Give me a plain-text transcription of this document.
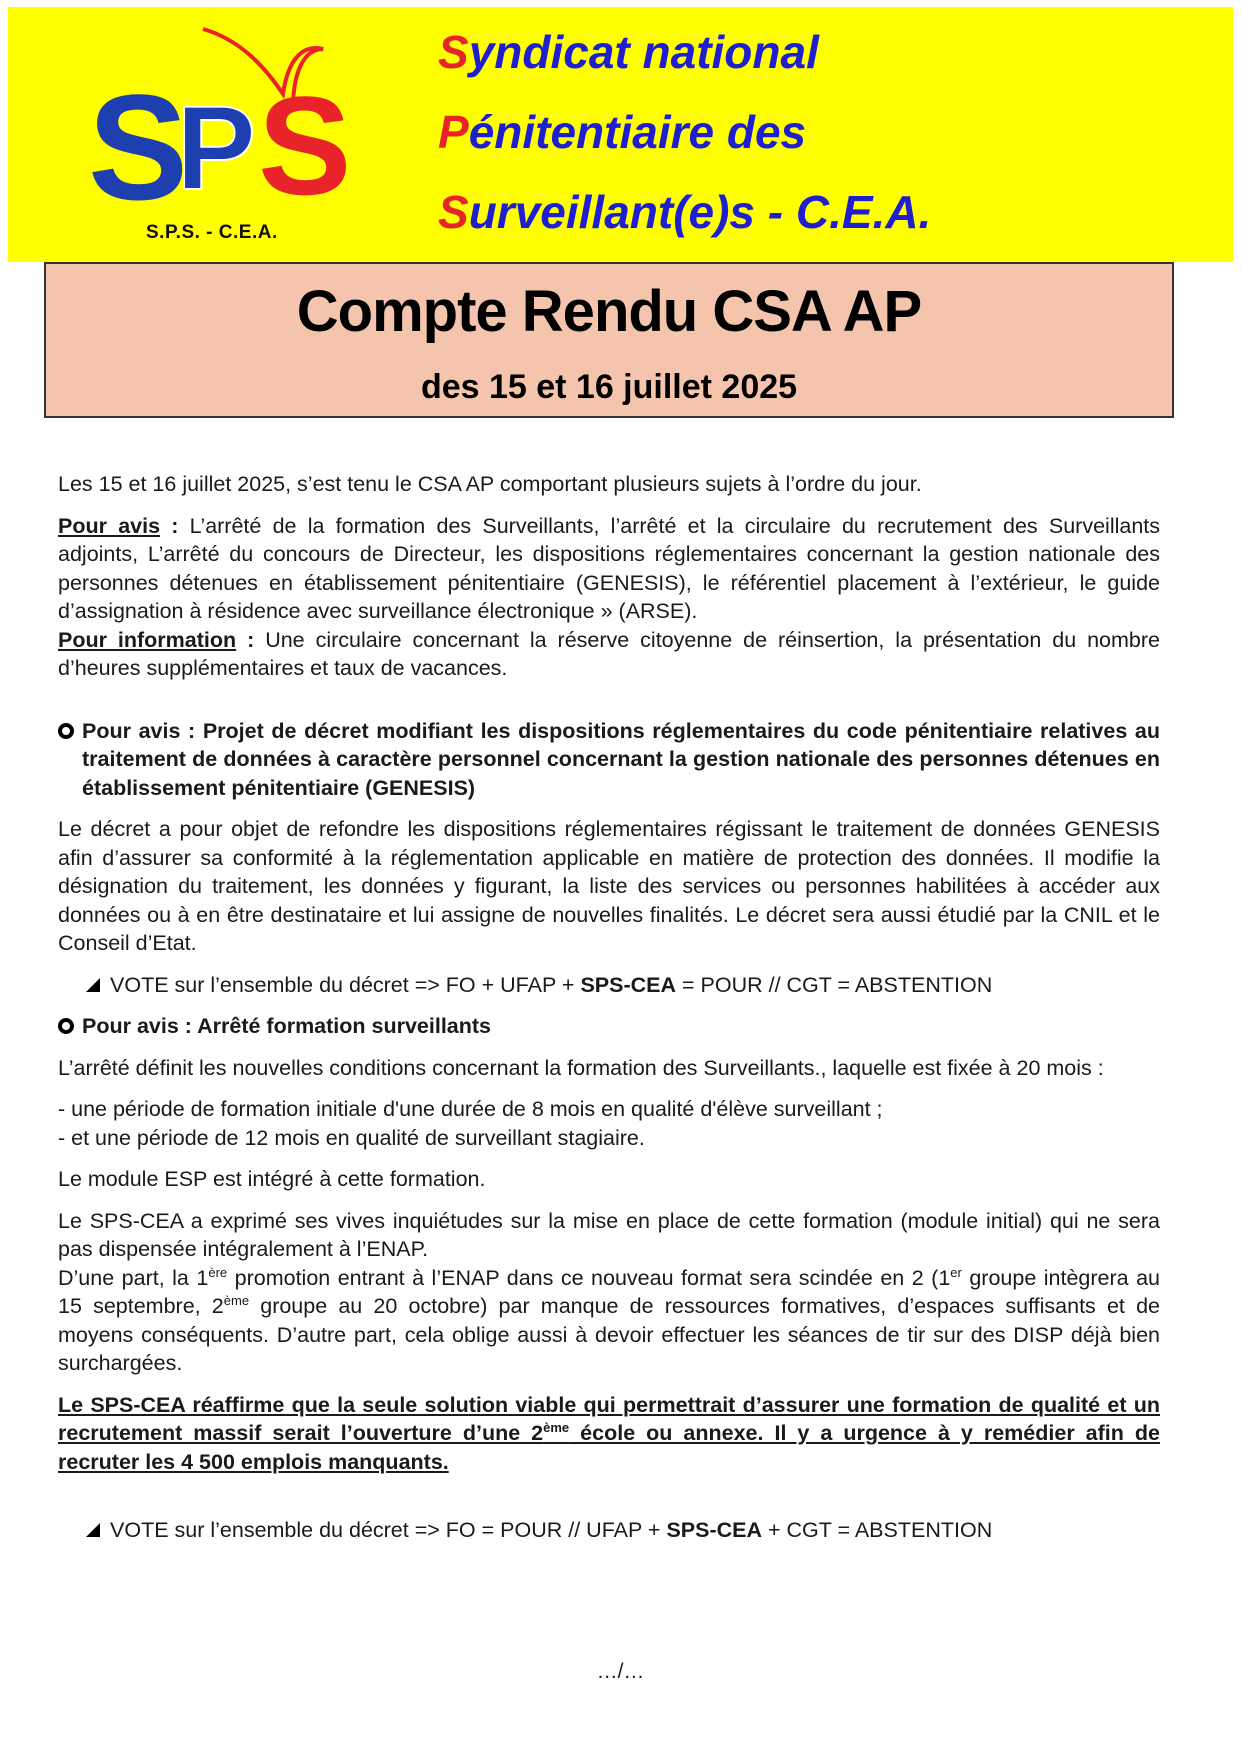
S
P S
S.P.S. - C.E.A.
Syndicat national
Pénitentiaire des
Surveillant(e)s - C.E.A.
Compte Rendu CSA AP
des 15 et 16 juillet 2025

Les 15 et 16 juillet 2025, s’est tenu le CSA AP comportant plusieurs sujets à l’ordre du jour.

Pour avis : L’arrêté de la formation des Surveillants, l’arrêté et la circulaire du recrutement des Surveillants adjoints, L’arrêté du concours de Directeur, les dispositions réglementaires concernant la gestion nationale des personnes détenues en établissement pénitentiaire (GENESIS), le référentiel placement à l’extérieur, le guide d’assignation à résidence avec surveillance électronique » (ARSE).
Pour information : Une circulaire concernant la réserve citoyenne de réinsertion, la présentation du nombre d’heures supplémentaires et taux de vacances.

Pour avis : Projet de décret modifiant les dispositions réglementaires du code pénitentiaire relatives au traitement de données à caractère personnel concernant la gestion nationale des personnes détenues en établissement pénitentiaire (GENESIS)

Le décret a pour objet de refondre les dispositions réglementaires régissant le traitement de données GENESIS afin d’assurer sa conformité à la réglementation applicable en matière de protection des données. Il modifie la désignation du traitement, les données y figurant, la liste des services ou personnes habilitées à accéder aux données ou à en être destinataire et lui assigne de nouvelles finalités. Le décret sera aussi étudié par la CNIL et le Conseil d’Etat.

VOTE sur l’ensemble du décret => FO + UFAP + SPS-CEA = POUR // CGT = ABSTENTION
Pour avis : Arrêté formation surveillants

L’arrêté définit les nouvelles conditions concernant la formation des Surveillants., laquelle est fixée à 20 mois :

- une période de formation initiale d'une durée de 8 mois en qualité d'élève surveillant ;
- et une période de 12 mois en qualité de surveillant stagiaire.

Le module ESP est intégré à cette formation.

Le SPS-CEA a exprimé ses vives inquiétudes sur la mise en place de cette formation (module initial) qui ne sera pas dispensée intégralement à l’ENAP.
D’une part, la 1ère promotion entrant à l’ENAP dans ce nouveau format sera scindée en 2 (1er groupe intègrera au 15 septembre, 2ème groupe au 20 octobre) par manque de ressources formatives, d’espaces suffisants et de moyens conséquents. D’autre part, cela oblige aussi à devoir effectuer les séances de tir sur des DISP déjà bien surchargées.

Le SPS-CEA réaffirme que la seule solution viable qui permettrait d’assurer une formation de qualité et un recrutement massif serait l’ouverture d’une 2ème école ou annexe. Il y a urgence à y remédier afin de recruter les 4 500 emplois manquants.

VOTE sur l’ensemble du décret => FO = POUR // UFAP + SPS-CEA + CGT = ABSTENTION
…/…
